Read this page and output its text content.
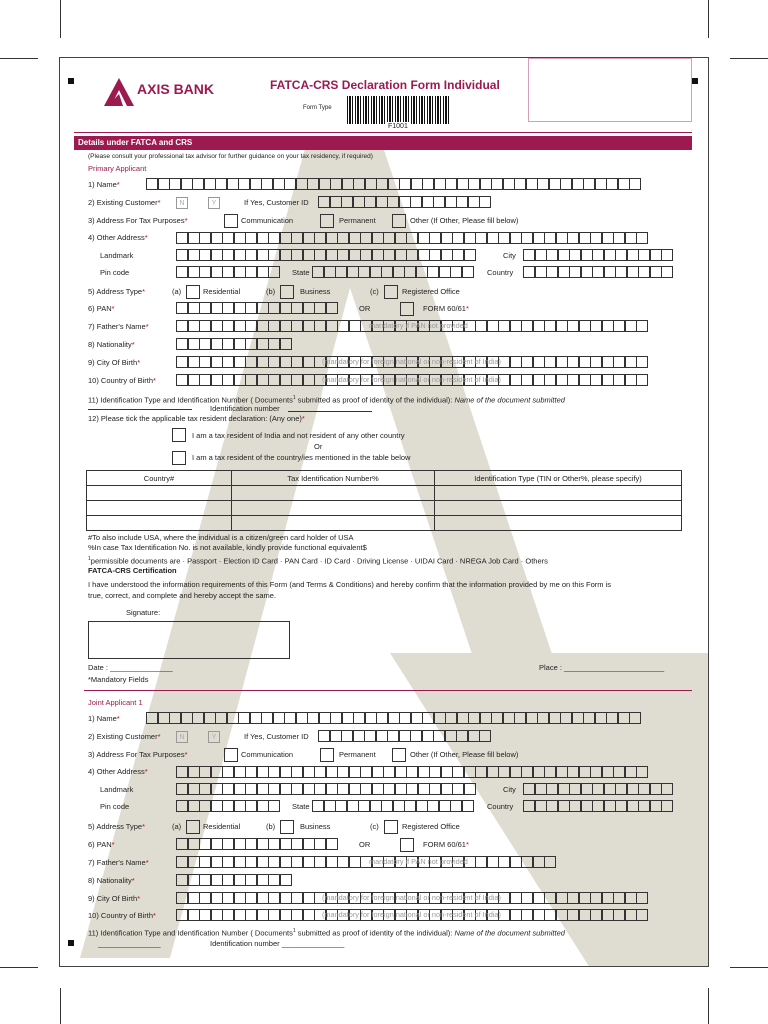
AXIS BANK	FATCA-CRS Declaration Form Individual
Form Type
F1001
Details under FATCA and CRS
(Please consult your professional tax advisor for further guidance on your tax residency, if required)
Primary Applicant
1) Name*
2) Existing Customer*	N	Y	If Yes, Customer ID
3) Address For Tax Purposes*	Communication	Permanent	Other (If Other, Please fill below)
4) Other Address*
Landmark	City
Pin code	State	Country
5) Address Type*	(a)	Residential	(b)	Business	(c)	Registered Office
6) PAN*	OR	FORM 60/61*
7) Father's Name*	mandatory if PAN not provided
8) Nationality*
9) City Of Birth*	(mandatory for foreign national or non-resident of India)
10) Country of Birth*	(mandatory for foreign national or non-resident of India)
11) Identification Type and Identification Number ( Documents$^1$ submitted as proof of identity of the individual): Name of the document submitted
Identification number
12) Please tick the applicable tax resident declaration: (Any one)*
I am a tax resident of India and not resident of any other country
Or
I am a tax resident of the country/ies mentioned in the table below
Country#	Tax Identification Number%	Identification Type (TIN or Other%, please specify)

#To also include USA, where the individual is a citizen/green card holder of USA
%In case Tax Identification No. is not available, kindly provide functional equivalent$
$^1$permissible documents are · Passport · Election ID Card · PAN Card · ID Card · Driving License · UIDAI Card · NREGA Job Card · Others
FATCA-CRS Certification
I have understood the information requirements of this Form (and Terms & Conditions) and hereby confirm that the information provided by me on this Form is
true, correct, and complete and hereby accept the same.
Signature:
Date : _______________	Place : ________________________
*Mandatory Fields
Joint Applicant 1
1) Name*
2) Existing Customer*	N	Y	If Yes, Customer ID
3) Address For Tax Purposes*	Communication	Permanent	Other (If Other, Please fill below)
4) Other Address*
Landmark	City
Pin code	State	Country
5) Address Type*	(a)	Residential	(b)	Business	(c)	Registered Office
6) PAN*	OR	FORM 60/61*
7) Father's Name*	mandatory if PAN not provided
8) Nationality*
9) City Of Birth*	(mandatory for foreign national or non-resident of India)
10) Country of Birth*	(mandatory for foreign national or non-resident of India)
11) Identification Type and Identification Number ( Documents$^1$ submitted as proof of identity of the individual): Name of the document submitted
_______________	Identification number _______________
